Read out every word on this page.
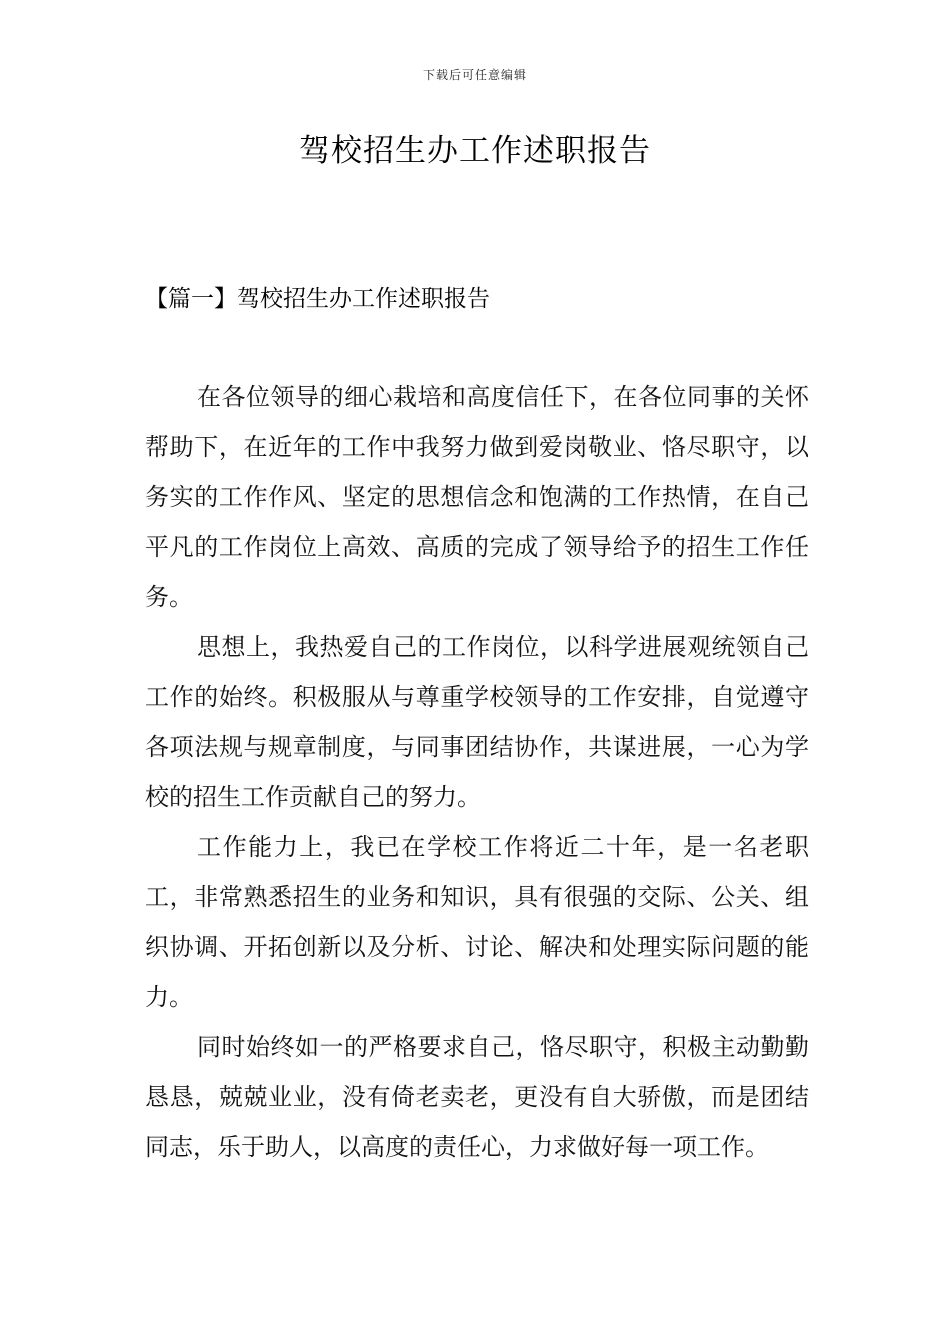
下载后可任意编辑
驾校招生办工作述职报告
【篇一】驾校招生办工作述职报告

在各位领导的细心栽培和高度信任下，在各位同事的关怀帮助下，在近年的工作中我努力做到爱岗敬业、恪尽职守，以务实的工作作风、坚定的思想信念和饱满的工作热情，在自己平凡的工作岗位上高效、高质的完成了领导给予的招生工作任务。

思想上，我热爱自己的工作岗位，以科学进展观统领自己工作的始终。积极服从与尊重学校领导的工作安排，自觉遵守各项法规与规章制度，与同事团结协作，共谋进展，一心为学校的招生工作贡献自己的努力。

工作能力上，我已在学校工作将近二十年，是一名老职工，非常熟悉招生的业务和知识，具有很强的交际、公关、组织协调、开拓创新以及分析、讨论、解决和处理实际问题的能力。

同时始终如一的严格要求自己，恪尽职守，积极主动勤勤恳恳，兢兢业业，没有倚老卖老，更没有自大骄傲，而是团结同志，乐于助人，以高度的责任心，力求做好每一项工作。
